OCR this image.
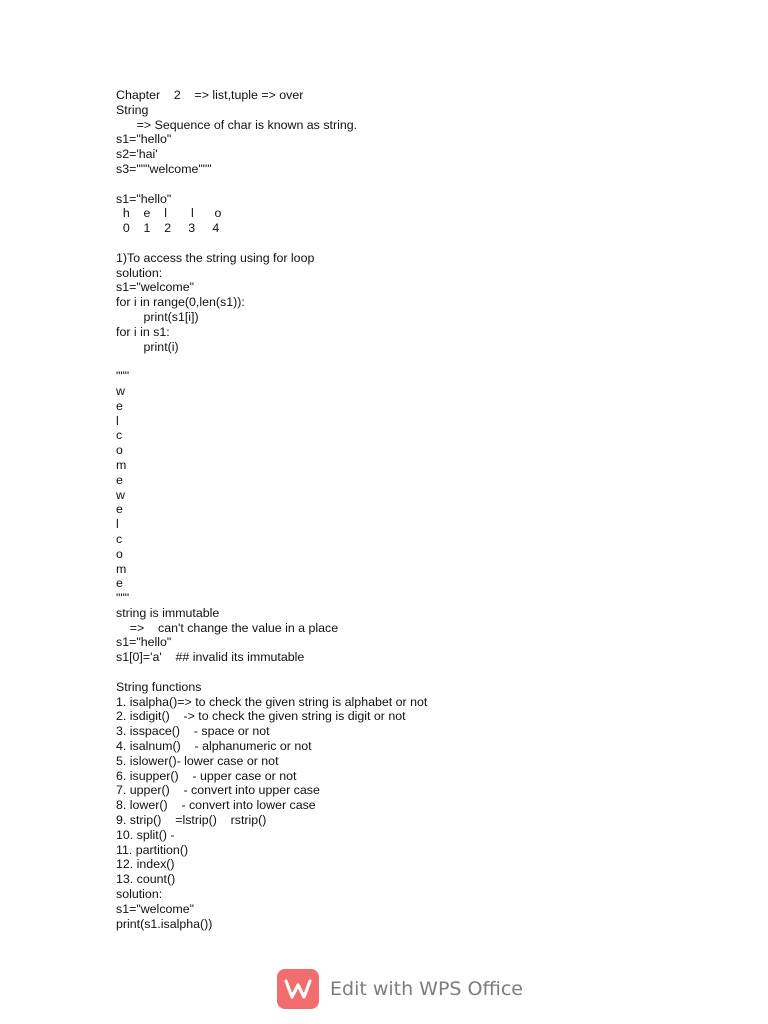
Chapter    2    => list,tuple => over
String
=> Sequence of char is known as string.
s1="hello"
s2='hai'
s3="""welcome"""
s1="hello"
h    e    l       l      o
0    1    2     3     4
1)To access the string using for loop
solution:
s1="welcome"
for i in range(0,len(s1)):
print(s1[i])
for i in s1:
print(i)
"""
w
e
l
c
o
m
e
w
e
l
c
o
m
e
"""
string is immutable
=>    can't change the value in a place
s1="hello"
s1[0]='a'    ## invalid its immutable
String functions
1. isalpha()=> to check the given string is alphabet or not
2. isdigit()    -> to check the given string is digit or not
3. isspace()    - space or not
4. isalnum()    - alphanumeric or not
5. islower()- lower case or not
6. isupper()    - upper case or not
7. upper()    - convert into upper case
8. lower()    - convert into lower case
9. strip()    =lstrip()    rstrip()
10. split() -
11. partition()
12. index()
13. count()
solution:
s1="welcome"
print(s1.isalpha())
Edit with WPS Office
